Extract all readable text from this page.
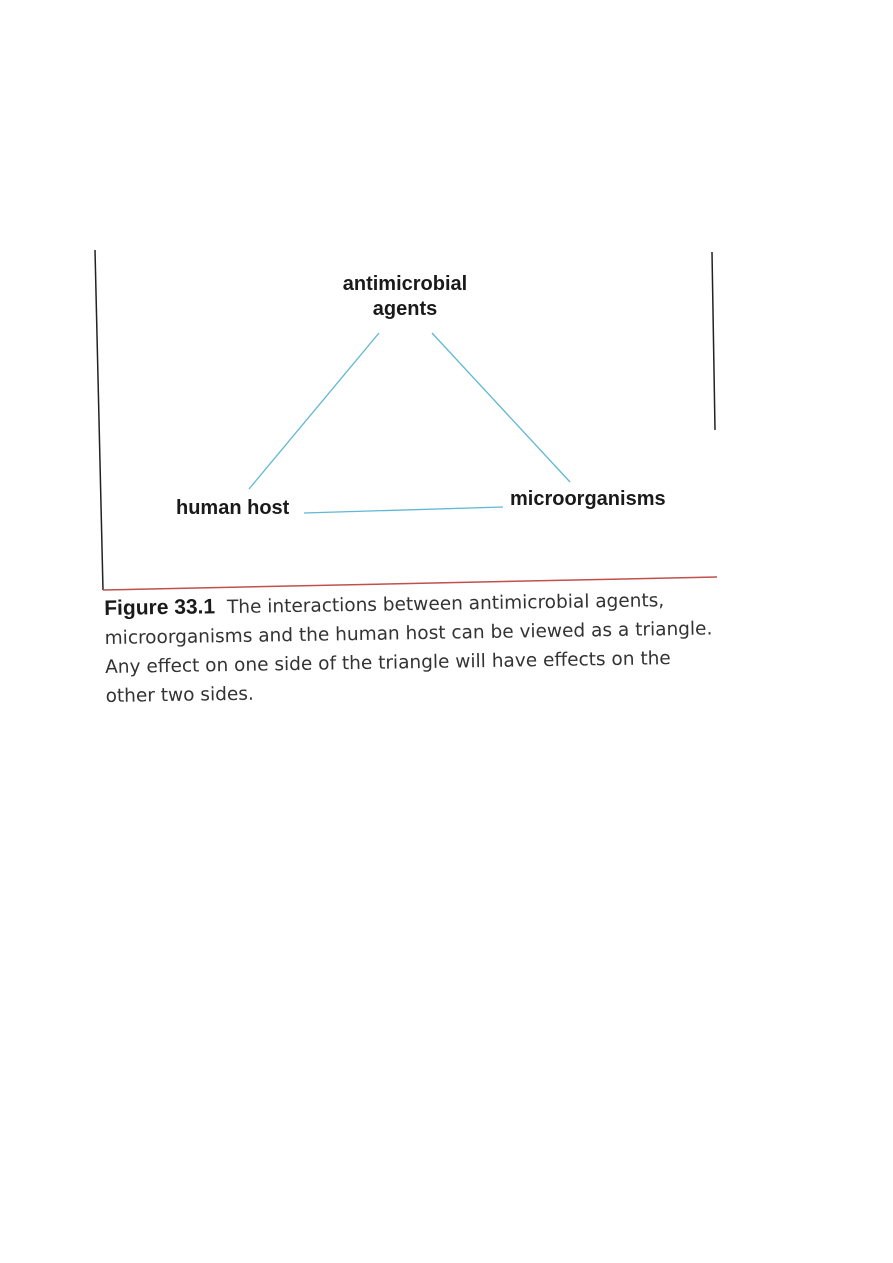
antimicrobial
agents
human host	microorganisms
Figure 33.1 The interactions between antimicrobial agents, microorganisms and the human host can be viewed as a triangle. Any effect on one side of the triangle will have effects on the other two sides.
